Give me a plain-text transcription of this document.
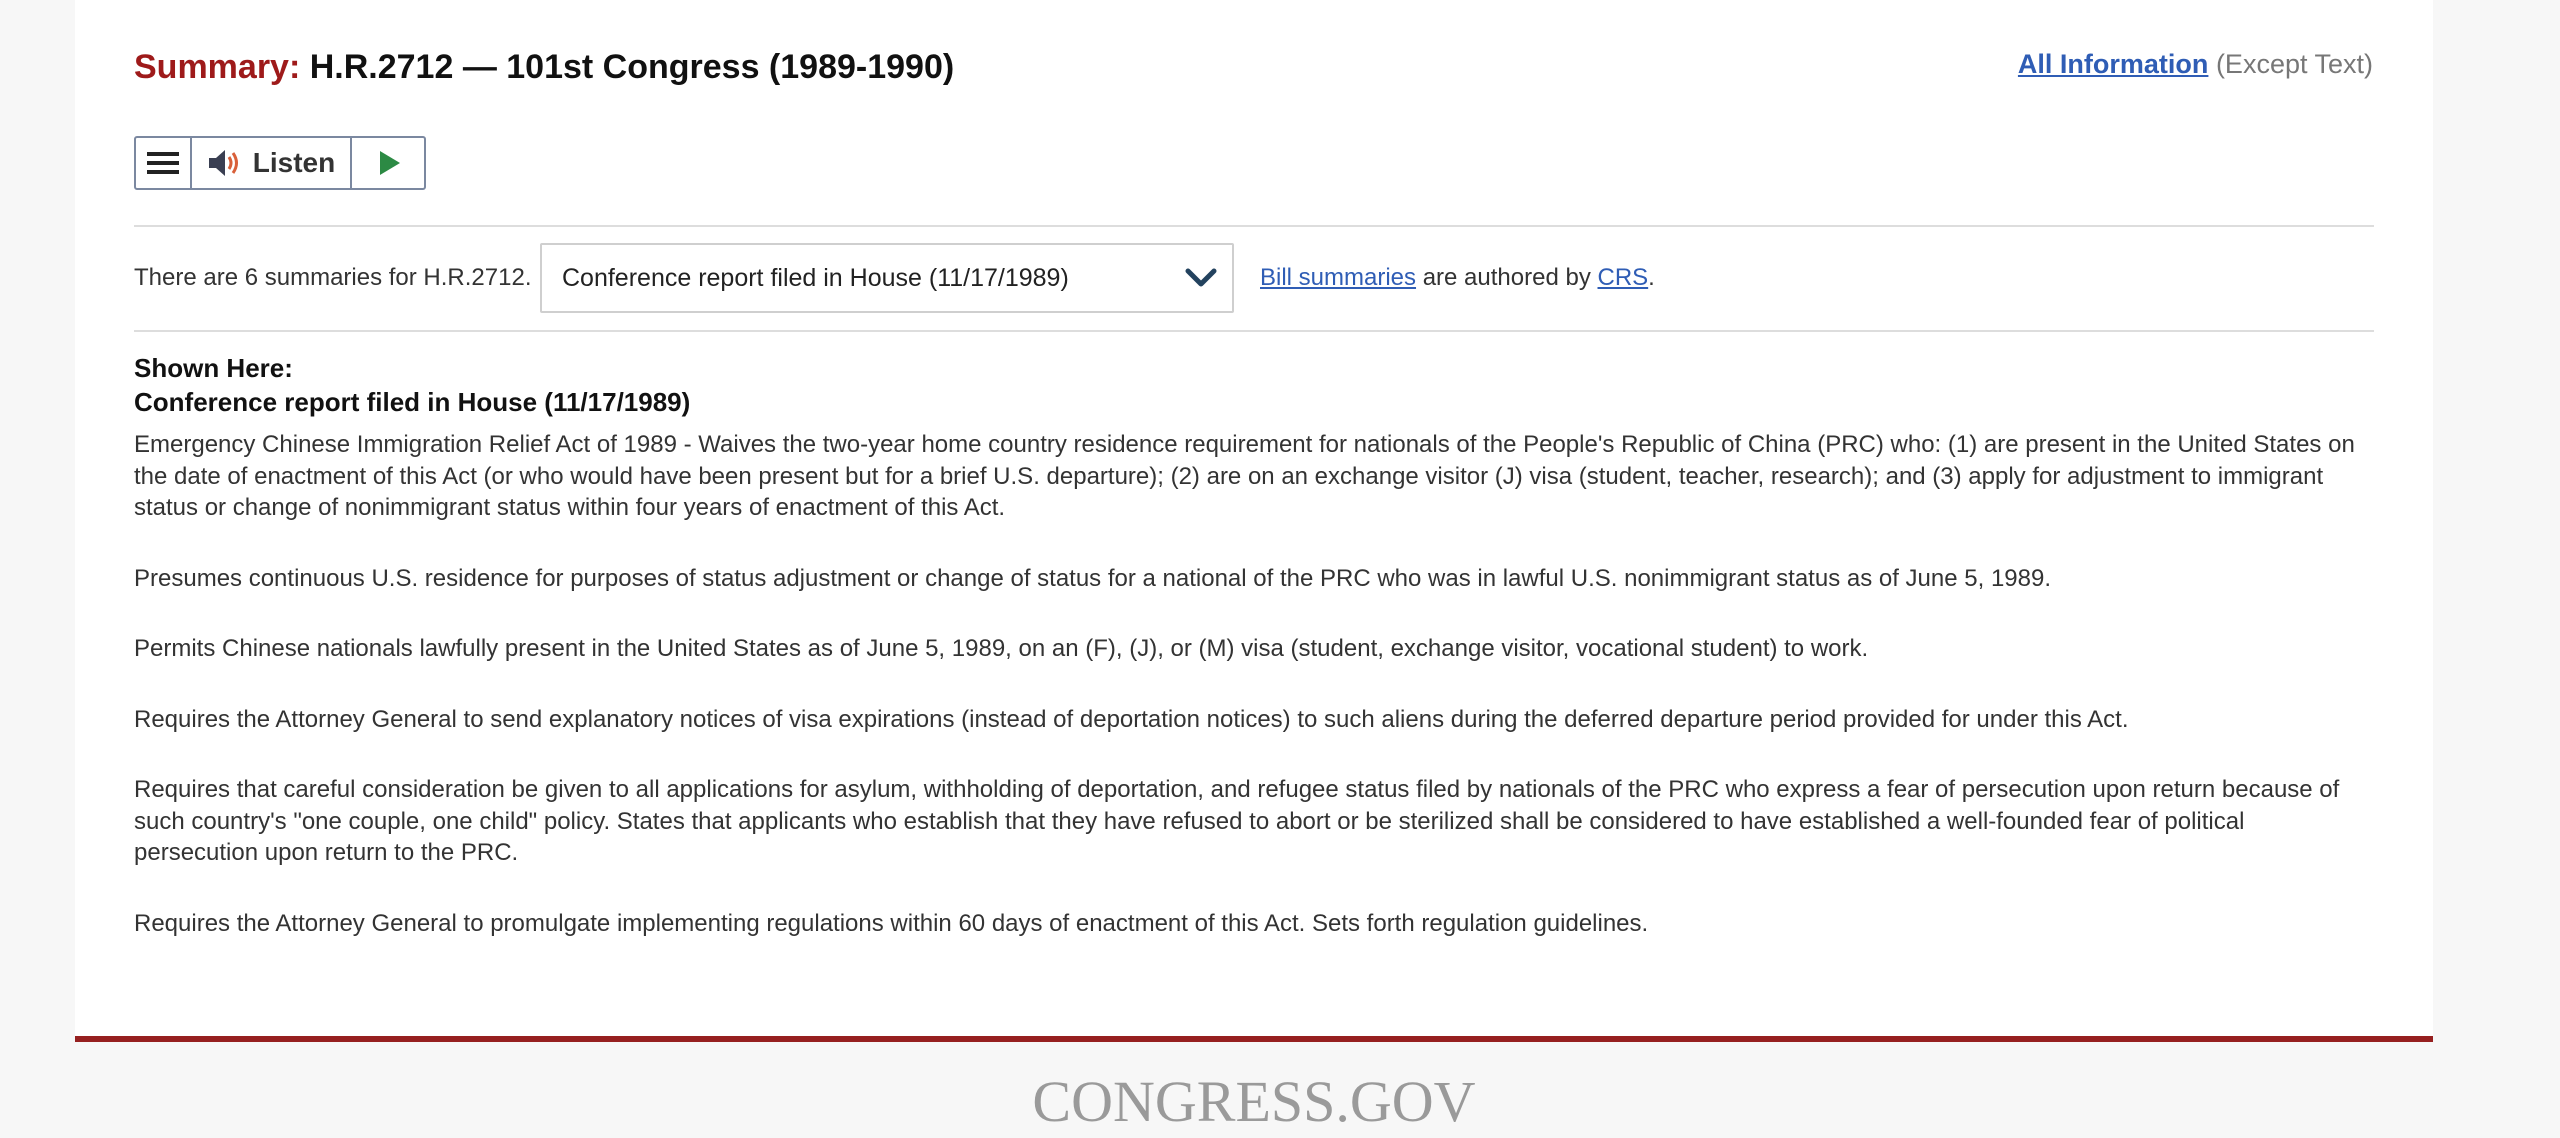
Summary: H.R.2712 — 101st Congress (1989-1990)	All Information (Except Text)
Listen
There are 6 summaries for H.R.2712. Conference report filed in House (11/17/1989)	Bill summaries are authored by CRS.
Shown Here:
Conference report filed in House (11/17/1989)

Emergency Chinese Immigration Relief Act of 1989 - Waives the two-year home country residence requirement for nationals of the People's Republic of China (PRC) who: (1) are present in the United States on the date of enactment of this Act (or who would have been present but for a brief U.S. departure); (2) are on an exchange visitor (J) visa (student, teacher, research); and (3) apply for adjustment to immigrant status or change of nonimmigrant status within four years of enactment of this Act.

Presumes continuous U.S. residence for purposes of status adjustment or change of status for a national of the PRC who was in lawful U.S. nonimmigrant status as of June 5, 1989.

Permits Chinese nationals lawfully present in the United States as of June 5, 1989, on an (F), (J), or (M) visa (student, exchange visitor, vocational student) to work.

Requires the Attorney General to send explanatory notices of visa expirations (instead of deportation notices) to such aliens during the deferred departure period provided for under this Act.

Requires that careful consideration be given to all applications for asylum, withholding of deportation, and refugee status filed by nationals of the PRC who express a fear of persecution upon return because of such country's "one couple, one child" policy. States that applicants who establish that they have refused to abort or be sterilized shall be considered to have established a well-founded fear of political persecution upon return to the PRC.

Requires the Attorney General to promulgate implementing regulations within 60 days of enactment of this Act. Sets forth regulation guidelines.

CONGRESS.GOV
